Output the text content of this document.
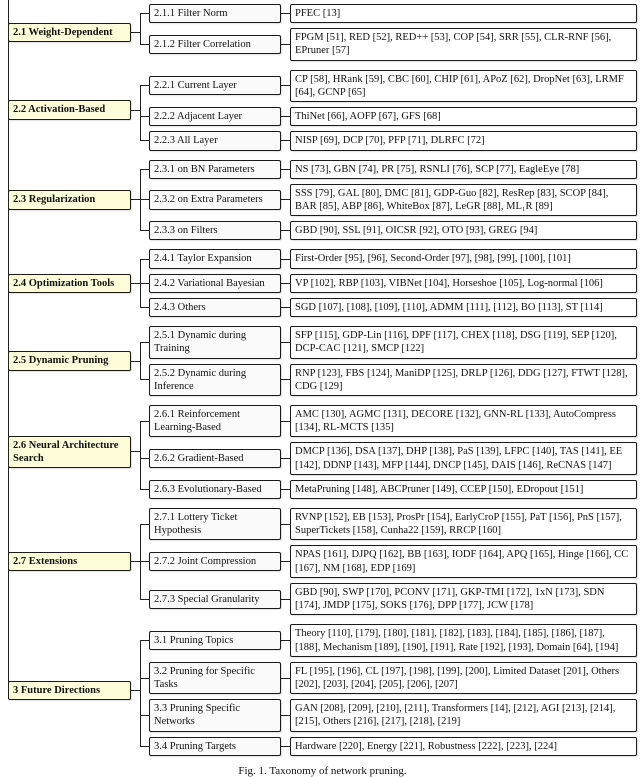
2.1 Weight-Dependent
2.1.1 Filter Norm	PFEC [13]
2.1.2 Filter Correlation
FPGM [51], RED [52], RED++ [53], COP [54], SRR [55], CLR-RNF [56], EPruner [57]
2.2 Activation-Based
2.2.1 Current Layer
CP [58], HRank [59], CBC [60], CHIP [61], APoZ [62], DropNet [63], LRMF [64], GCNP [65]
2.2.2 Adjacent Layer	ThiNet [66], AOFP [67], GFS [68]
2.2.3 All Layer	NISP [69], DCP [70], PFP [71], DLRFC [72]
2.3 Regularization
2.3.1 on BN Parameters	NS [73], GBN [74], PR [75], RSNLI [76], SCP [77], EagleEye [78]
2.3.2 on Extra Parameters
SSS [79], GAL [80], DMC [81], GDP-Guo [82], ResRep [83], SCOP [84], BAR [85], ABP [86], WhiteBox [87], LeGR [88], ML₁R [89]
2.3.3 on Filters	GBD [90], SSL [91], OICSR [92], OTO [93], GREG [94]
2.4 Optimization Tools
2.4.1 Taylor Expansion	First-Order [95], [96], Second-Order [97], [98], [99], [100], [101]
2.4.2 Variational Bayesian	VP [102], RBP [103], VIBNet [104], Horseshoe [105], Log-normal [106]
2.4.3 Others	SGD [107], [108], [109], [110], ADMM [111], [112], BO [113], ST [114]
2.5 Dynamic Pruning
2.5.1 Dynamic during Training
SFP [115], GDP-Lin [116], DPF [117], CHEX [118], DSG [119], SEP [120], DCP-CAC [121], SMCP [122]
2.5.2 Dynamic during Inference
RNP [123], FBS [124], ManiDP [125], DRLP [126], DDG [127], FTWT [128], CDG [129]
2.6 Neural Architecture Search
2.6.1 Reinforcement Learning-Based
AMC [130], AGMC [131], DECORE [132], GNN-RL [133], AutoCompress [134], RL-MCTS [135]
2.6.2 Gradient-Based
DMCP [136], DSA [137], DHP [138], PaS [139], LFPC [140], TAS [141], EE [142], DDNP [143], MFP [144], DNCP [145], DAIS [146], ReCNAS [147]
2.6.3 Evolutionary-Based	MetaPruning [148], ABCPruner [149], CCEP [150], EDropout [151]
2.7 Extensions
2.7.1 Lottery Ticket Hypothesis
RVNP [152], EB [153], ProsPr [154], EarlyCroP [155], PaT [156], PnS [157], SuperTickets [158], Cunha22 [159], RRCP [160]
2.7.2 Joint Compression
NPAS [161], DJPQ [162], BB [163], IODF [164], APQ [165], Hinge [166], CC [167], NM [168], EDP [169]
2.7.3 Special Granularity
GBD [90], SWP [170], PCONV [171], GKP-TMI [172], 1xN [173], SDN [174], JMDP [175], SOKS [176], DPP [177], JCW [178]
3 Future Directions
3.1 Pruning Topics
Theory [110], [179], [180], [181], [182], [183], [184], [185], [186], [187], [188], Mechanism [189], [190], [191], Rate [192], [193], Domain [64], [194]
3.2 Pruning for Specific Tasks
FL [195], [196], CL [197], [198], [199], [200], Limited Dataset [201], Others [202], [203], [204], [205], [206], [207]
3.3 Pruning Specific Networks
GAN [208], [209], [210], [211], Transformers [14], [212], AGI [213], [214], [215], Others [216], [217], [218], [219]
3.4 Pruning Targets	Hardware [220], Energy [221], Robustness [222], [223], [224]
Fig. 1. Taxonomy of network pruning.
